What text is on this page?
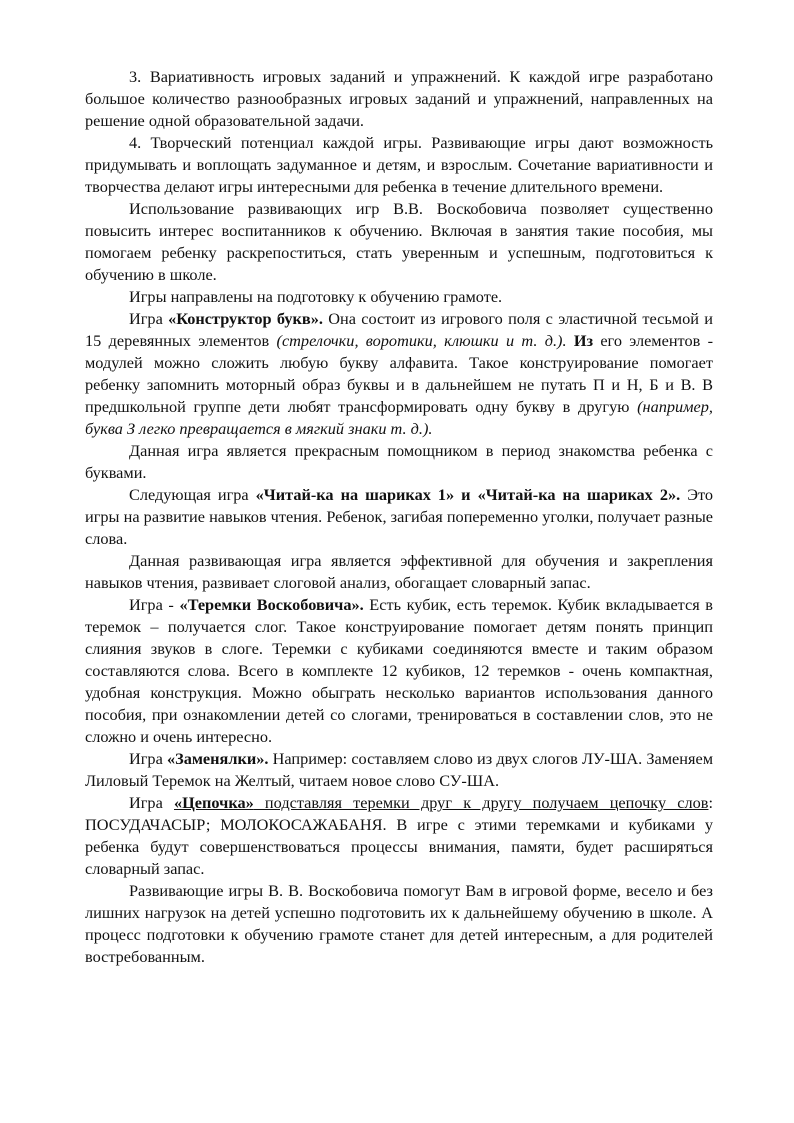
3. Вариативность игровых заданий и упражнений. К каждой игре разработано большое количество разнообразных игровых заданий и упражнений, направленных на решение одной образовательной задачи.

4. Творческий потенциал каждой игры. Развивающие игры дают возможность придумывать и воплощать задуманное и детям, и взрослым. Сочетание вариативности и творчества делают игры интересными для ребенка в течение длительного времени.

Использование развивающих игр В.В. Воскобовича позволяет существенно повысить интерес воспитанников к обучению. Включая в занятия такие пособия, мы помогаем ребенку раскрепоститься, стать уверенным и успешным, подготовиться к обучению в школе.

Игры направлены на подготовку к обучению грамоте.

Игра «Конструктор букв». Она состоит из игрового поля с эластичной тесьмой и 15 деревянных элементов (стрелочки, воротики, клюшки и т. д.). Из его элементов - модулей можно сложить любую букву алфавита. Такое конструирование помогает ребенку запомнить моторный образ буквы и в дальнейшем не путать П и Н, Б и В. В предшкольной группе дети любят трансформировать одну букву в другую (например, буква З легко превращается в мягкий знаки т. д.).

Данная игра является прекрасным помощником в период знакомства ребенка с буквами.

Следующая игра «Читай-ка на шариках 1» и «Читай-ка на шариках 2». Это игры на развитие навыков чтения. Ребенок, загибая попеременно уголки, получает разные слова.

Данная развивающая игра является эффективной для обучения и закрепления навыков чтения, развивает слоговой анализ, обогащает словарный запас.

Игра - «Теремки Воскобовича». Есть кубик, есть теремок. Кубик вкладывается в теремок – получается слог. Такое конструирование помогает детям понять принцип слияния звуков в слоге. Теремки с кубиками соединяются вместе и таким образом составляются слова. Всего в комплекте 12 кубиков, 12 теремков - очень компактная, удобная конструкция. Можно обыграть несколько вариантов использования данного пособия, при ознакомлении детей со слогами, тренироваться в составлении слов, это не сложно и очень интересно.

Игра «Заменялки». Например: составляем слово из двух слогов ЛУ-ША. Заменяем Лиловый Теремок на Желтый, читаем новое слово СУ-ША.

Игра «Цепочка» подставляя теремки друг к другу получаем цепочку слов: ПОСУДАЧАСЫР; МОЛОКОСАЖАБАНЯ. В игре с этими теремками и кубиками у ребенка будут совершенствоваться процессы внимания, памяти, будет расширяться словарный запас.

Развивающие игры В. В. Воскобовича помогут Вам в игровой форме, весело и без лишних нагрузок на детей успешно подготовить их к дальнейшему обучению в школе. А процесс подготовки к обучению грамоте станет для детей интересным, а для родителей востребованным.
